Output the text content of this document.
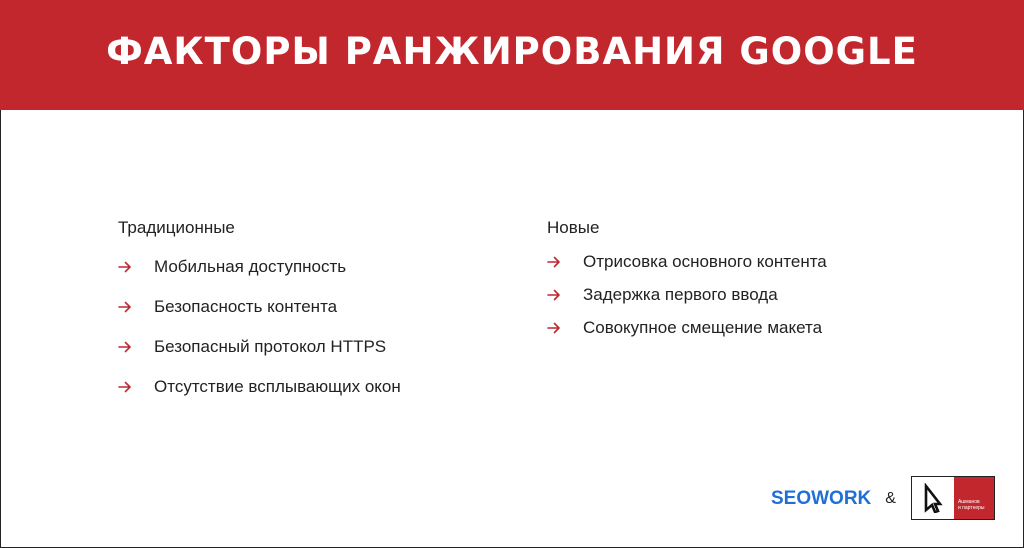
ФАКТОРЫ РАНЖИРОВАНИЯ GOOGLE
Традиционные
Мобильная доступность
Безопасность контента
Безопасный протокол HTTPS
Отсутствие всплывающих окон
Новые
Отрисовка основного контента
Задержка первого ввода
Совокупное смещение макета
SEOWORK &	Ашманов
и партнеры
